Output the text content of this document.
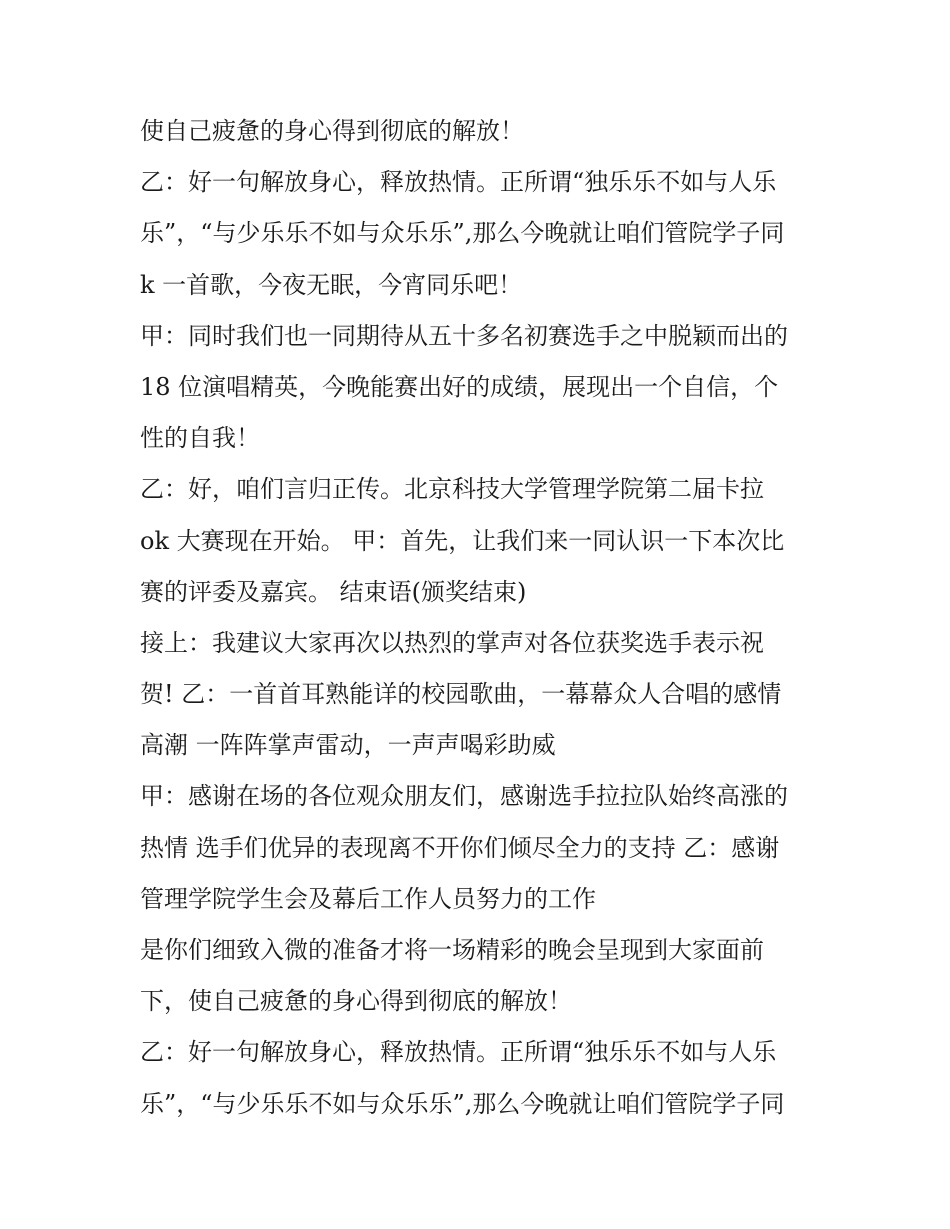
使自己疲惫的身心得到彻底的解放！
乙：好一句解放身心，释放热情。正所谓“独乐乐不如与人乐
乐”，“与少乐乐不如与众乐乐”,那么今晚就让咱们管院学子同
k 一首歌，今夜无眠，今宵同乐吧！
甲：同时我们也一同期待从五十多名初赛选手之中脱颖而出的
18 位演唱精英，今晚能赛出好的成绩，展现出一个自信，个
性的自我！
乙：好，咱们言归正传。北京科技大学管理学院第二届卡拉
ok 大赛现在开始。 甲：首先，让我们来一同认识一下本次比
赛的评委及嘉宾。 结束语(颁奖结束)
接上：我建议大家再次以热烈的掌声对各位获奖选手表示祝
贺! 乙：一首首耳熟能详的校园歌曲，一幕幕众人合唱的感情
高潮 一阵阵掌声雷动，一声声喝彩助威
甲：感谢在场的各位观众朋友们，感谢选手拉拉队始终高涨的
热情 选手们优异的表现离不开你们倾尽全力的支持 乙：感谢
管理学院学生会及幕后工作人员努力的工作
是你们细致入微的准备才将一场精彩的晚会呈现到大家面前
下，使自己疲惫的身心得到彻底的解放！
乙：好一句解放身心，释放热情。正所谓“独乐乐不如与人乐
乐”，“与少乐乐不如与众乐乐”,那么今晚就让咱们管院学子同
